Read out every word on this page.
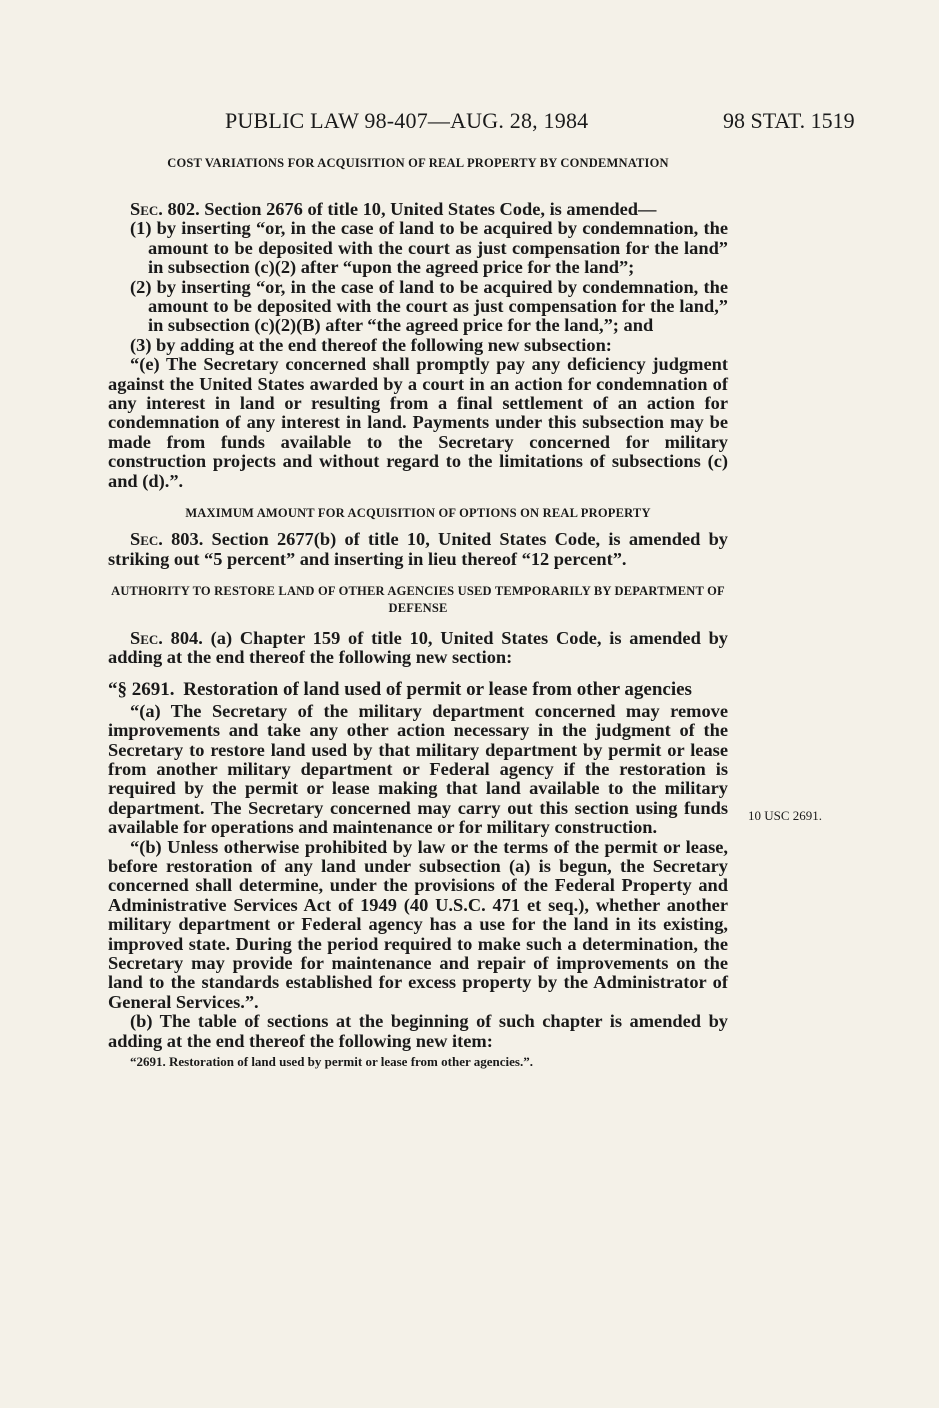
PUBLIC LAW 98-407—AUG. 28, 1984	98 STAT. 1519
10 USC 2691.
COST VARIATIONS FOR ACQUISITION OF REAL PROPERTY BY CONDEMNATION

Sec. 802. Section 2676 of title 10, United States Code, is amended—

(1) by inserting “or, in the case of land to be acquired by condemnation, the amount to be deposited with the court as just compensation for the land” in subsection (c)(2) after “upon the agreed price for the land”;

(2) by inserting “or, in the case of land to be acquired by condemnation, the amount to be deposited with the court as just compensation for the land,” in subsection (c)(2)(B) after “the agreed price for the land,”; and

(3) by adding at the end thereof the following new subsection:

“(e) The Secretary concerned shall promptly pay any deficiency judgment against the United States awarded by a court in an action for condemnation of any interest in land or resulting from a final settlement of an action for condemnation of any interest in land. Payments under this subsection may be made from funds available to the Secretary concerned for military construction projects and without regard to the limitations of subsections (c) and (d).”.

MAXIMUM AMOUNT FOR ACQUISITION OF OPTIONS ON REAL PROPERTY

Sec. 803. Section 2677(b) of title 10, United States Code, is amended by striking out “5 percent” and inserting in lieu thereof “12 percent”.

AUTHORITY TO RESTORE LAND OF OTHER AGENCIES USED TEMPORARILY BY DEPARTMENT OF DEFENSE

Sec. 804. (a) Chapter 159 of title 10, United States Code, is amended by adding at the end thereof the following new section:

“§ 2691. Restoration of land used of permit or lease from other agencies

“(a) The Secretary of the military department concerned may remove improvements and take any other action necessary in the judgment of the Secretary to restore land used by that military department by permit or lease from another military department or Federal agency if the restoration is required by the permit or lease making that land available to the military department. The Secretary concerned may carry out this section using funds available for operations and maintenance or for military construction.

“(b) Unless otherwise prohibited by law or the terms of the permit or lease, before restoration of any land under subsection (a) is begun, the Secretary concerned shall determine, under the provisions of the Federal Property and Administrative Services Act of 1949 (40 U.S.C. 471 et seq.), whether another military department or Federal agency has a use for the land in its existing, improved state. During the period required to make such a determination, the Secretary may provide for maintenance and repair of improvements on the land to the standards established for excess property by the Administrator of General Services.”.

(b) The table of sections at the beginning of such chapter is amended by adding at the end thereof the following new item:

“2691. Restoration of land used by permit or lease from other agencies.”.
